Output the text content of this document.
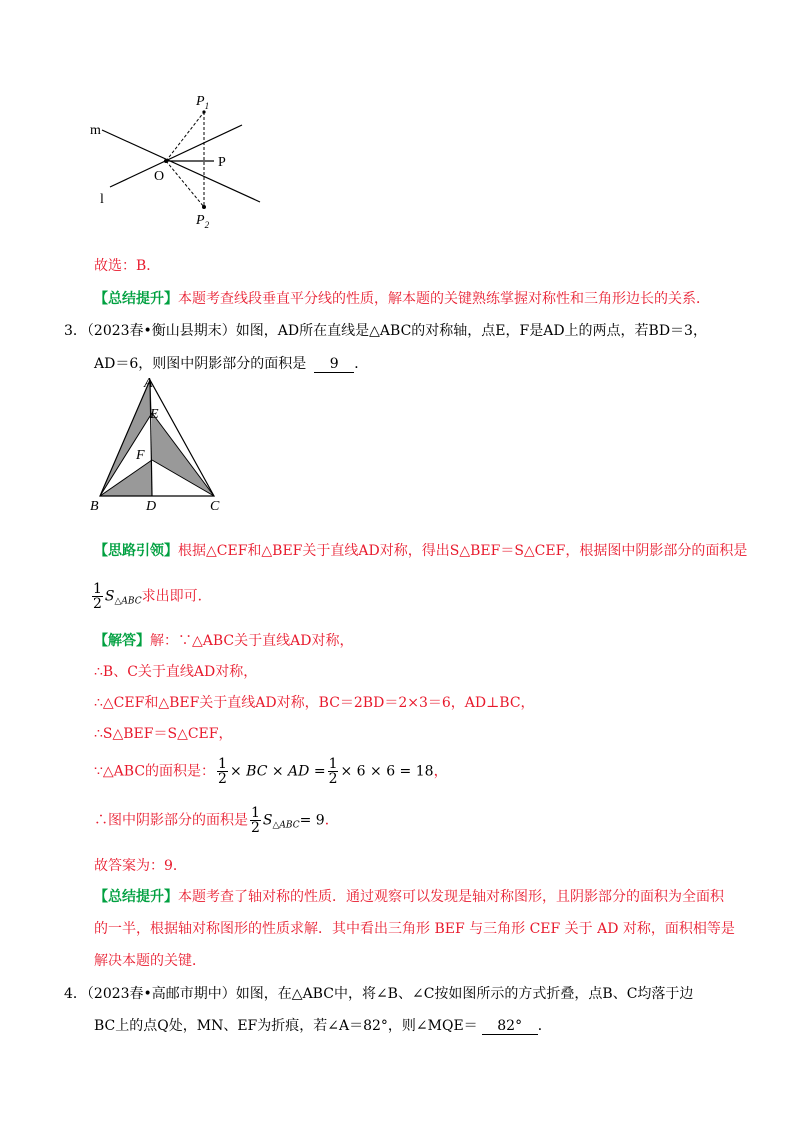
m
l
O
P
$P_1$
$P_2$
故选：B．
【总结提升】本题考查线段垂直平分线的性质，解本题的关键熟练掌握对称性和三角形边长的关系．
3．（2023春•衡山县期末）如图，AD所在直线是△ABC的对称轴，点E，F是AD上的两点，若BD＝3，
AD＝6，则图中阴影部分的面积是 9 ．
A
E
F
B	D	C
【思路引领】根据△CEF和△BEF关于直线AD对称，得出S△BEF＝S△CEF，根据图中阴影部分的面积是
$\frac{1}{2} S_{\triangle ABC}$求出即可．
【解答】解：∵△ABC关于直线AD对称，
∴B、C关于直线AD对称，
∴△CEF和△BEF关于直线AD对称，BC＝2BD＝2×3＝6，AD⊥BC，
∴S△BEF＝S△CEF，
∵△ABC的面积是： $\frac{1}{2}$ × BC × AD = $\frac{1}{2} \times 6 \times 6 = 18$，
∴图中阴影部分的面积是 $\frac{1}{2} S_{\triangle ABC}= 9$．
故答案为：9．
【总结提升】本题考查了轴对称的性质．通过观察可以发现是轴对称图形，且阴影部分的面积为全面积
的一半，根据轴对称图形的性质求解．其中看出三角形 BEF 与三角形 CEF 关于 AD 对称，面积相等是
解决本题的关键．
4．（2023春•高邮市期中）如图，在△ABC中，将∠B、∠C按如图所示的方式折叠，点B、C均落于边
BC上的点Q处，MN、EF为折痕，若∠A＝82°，则∠MQE＝ 82° ．
